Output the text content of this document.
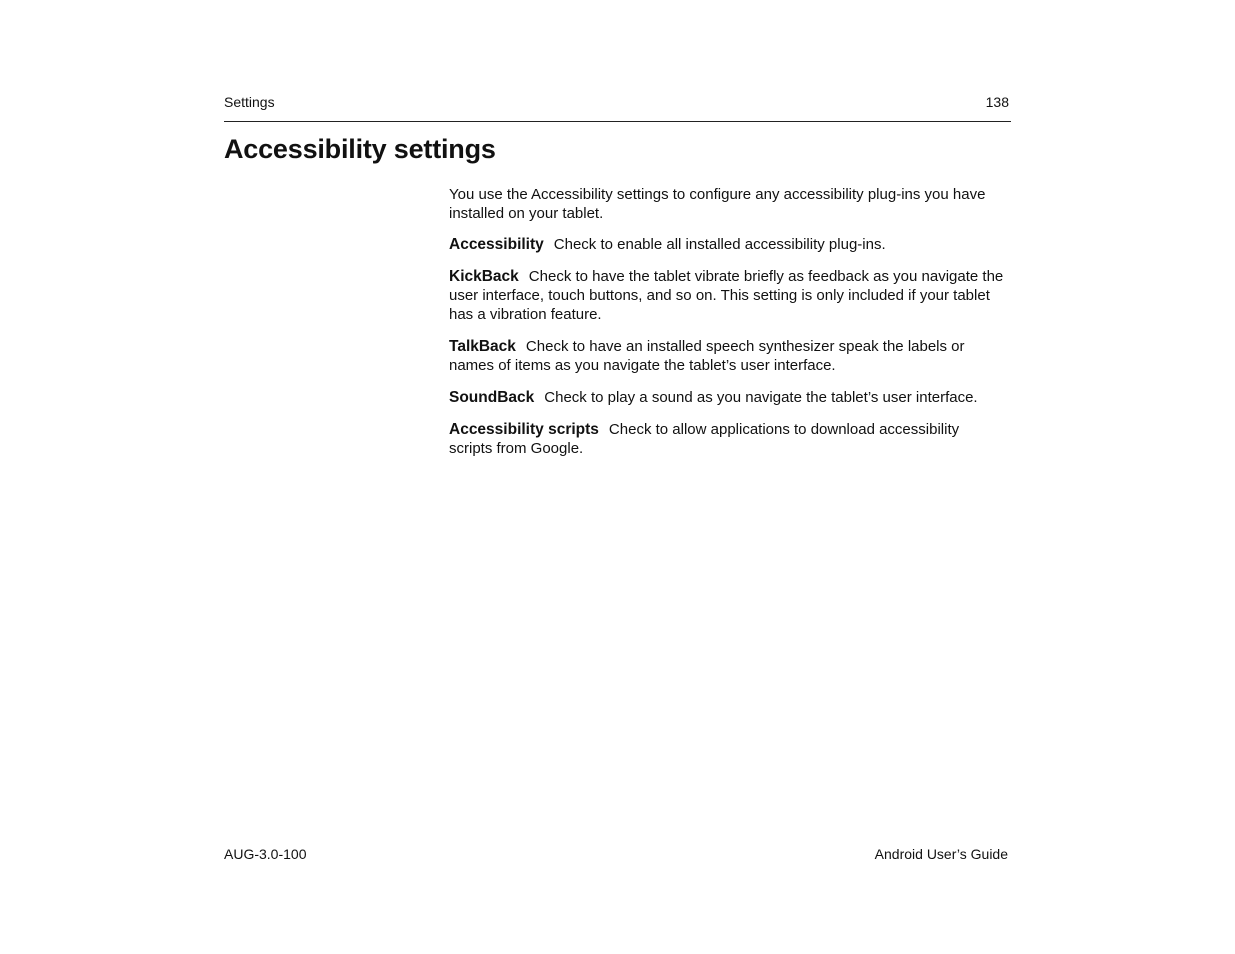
Settings	138
Accessibility settings

You use the Accessibility settings to configure any accessibility plug-ins you have installed on your tablet.

Accessibility Check to enable all installed accessibility plug-ins.

KickBack Check to have the tablet vibrate briefly as feedback as you navigate the user interface, touch buttons, and so on. This setting is only included if your tablet has a vibration feature.

TalkBack Check to have an installed speech synthesizer speak the labels or names of items as you navigate the tablet’s user interface.

SoundBack Check to play a sound as you navigate the tablet’s user interface.

Accessibility scripts Check to allow applications to download accessibility scripts from Google.

AUG-3.0-100	Android User’s Guide
